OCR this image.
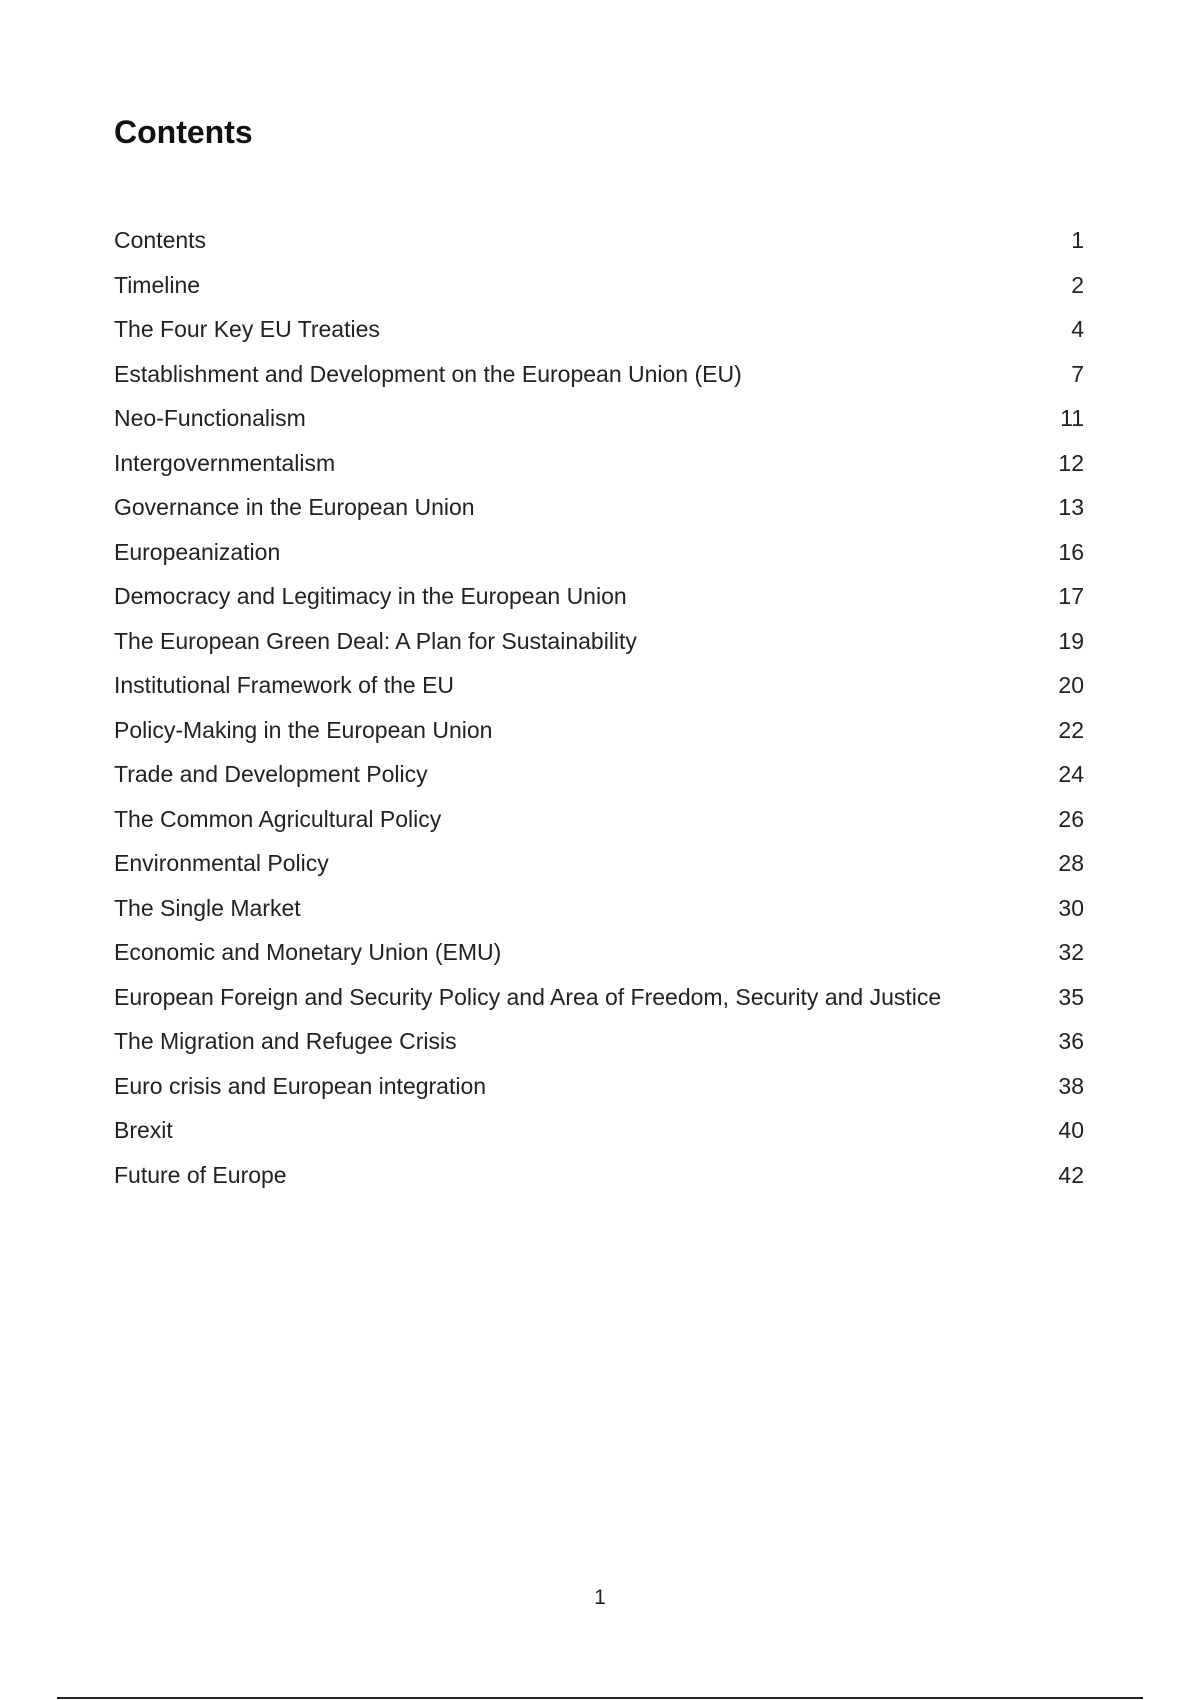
Contents
Contents	1
Timeline	2
The Four Key EU Treaties	4
Establishment and Development on the European Union (EU)	7
Neo-Functionalism	11
Intergovernmentalism	12
Governance in the European Union	13
Europeanization	16
Democracy and Legitimacy in the European Union	17
The European Green Deal: A Plan for Sustainability	19
Institutional Framework of the EU	20
Policy-Making in the European Union	22
Trade and Development Policy	24
The Common Agricultural Policy	26
Environmental Policy	28
The Single Market	30
Economic and Monetary Union (EMU)	32
European Foreign and Security Policy and Area of Freedom, Security and Justice	35
The Migration and Refugee Crisis	36
Euro crisis and European integration	38
Brexit	40
Future of Europe	42
1
